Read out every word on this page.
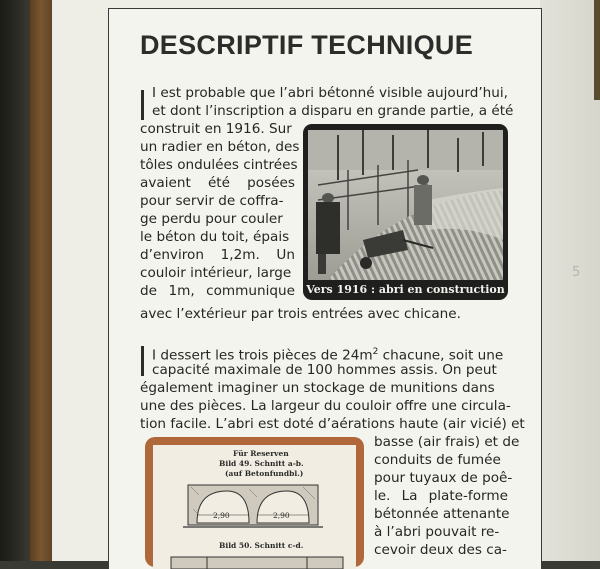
5
DESCRIPTIF TECHNIQUE
I est probable que l’abri bétonné visible aujourd’hui,
et dont l’inscription a disparu en grande partie, a été
construit en 1916. Sur
un radier en béton, des
tôles ondulées cintrées
avaient été posées
pour servir de coffra-
ge perdu pour couler
le béton du toit, épais
d’environ 1,2m. Un
couloir intérieur, large
de 1m, communique
avec l’extérieur par trois entrées avec chicane.
Vers 1916 : abri en construction
I dessert les trois pièces de $24m^2$ chacune, soit une
capacité maximale de 100 hommes assis. On peut
également imaginer un stockage de munitions dans
une des pièces. La largeur du couloir offre une circula-
tion facile. L’abri est doté d’aérations haute (air vicié) et
basse (air frais) et de
conduits de fumée
pour tuyaux de poê-
le. La plate-forme
bétonnée attenante
à l’abri pouvait re-
cevoir deux des ca-
Für Reserven
Bild 49. Schnitt a-b.
(auf Betonfundbl.)
2,90	2,90
Bild 50. Schnitt c-d.
